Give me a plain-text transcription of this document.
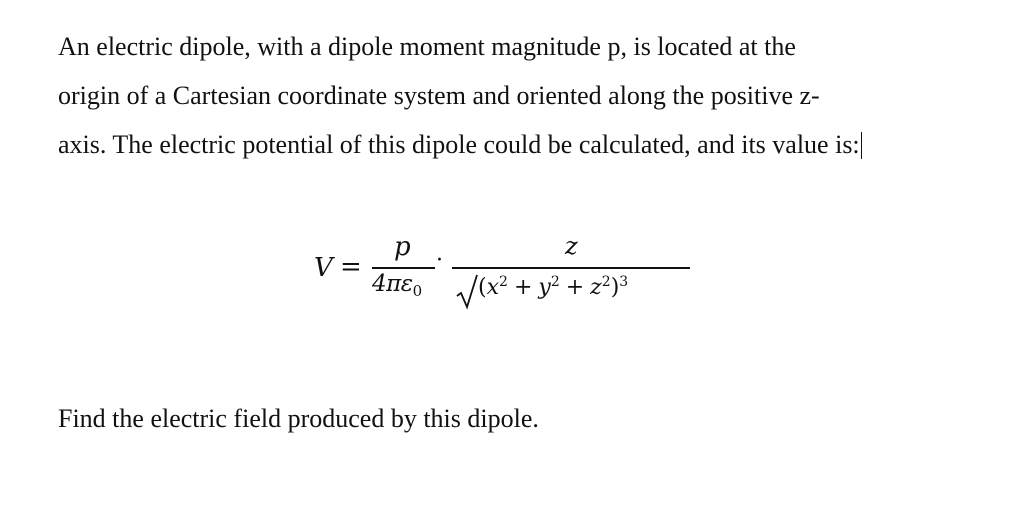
An electric dipole, with a dipole moment magnitude p, is located at the
origin of a Cartesian coordinate system and oriented along the positive z-
axis. The electric potential of this dipole could be calculated, and its value is:
V =
p
$4\pi\varepsilon_0$
·
z
$(x^2 + y^2 + z^2)^3$
Find the electric field produced by this dipole.
